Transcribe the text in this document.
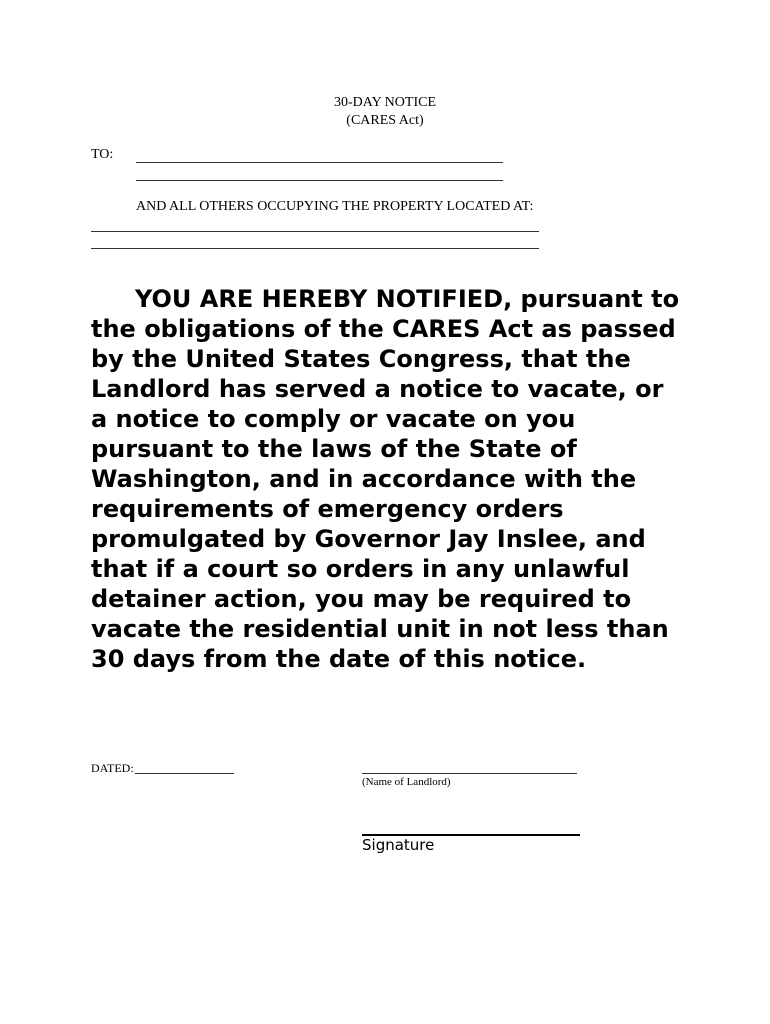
30-DAY NOTICE
(CARES Act)
TO:
AND ALL OTHERS OCCUPYING THE PROPERTY LOCATED AT:

YOU ARE HEREBY NOTIFIED, pursuant to the obligations of the CARES Act as passed by the United States Congress, that the Landlord has served a notice to vacate, or a notice to comply or vacate on you pursuant to the laws of the State of Washington, and in accordance with the requirements of emergency orders promulgated by Governor Jay Inslee, and that if a court so orders in any unlawful detainer action, you may be required to vacate the residential unit in not less than 30 days from the date of this notice.

DATED:
(Name of Landlord)
Signature
